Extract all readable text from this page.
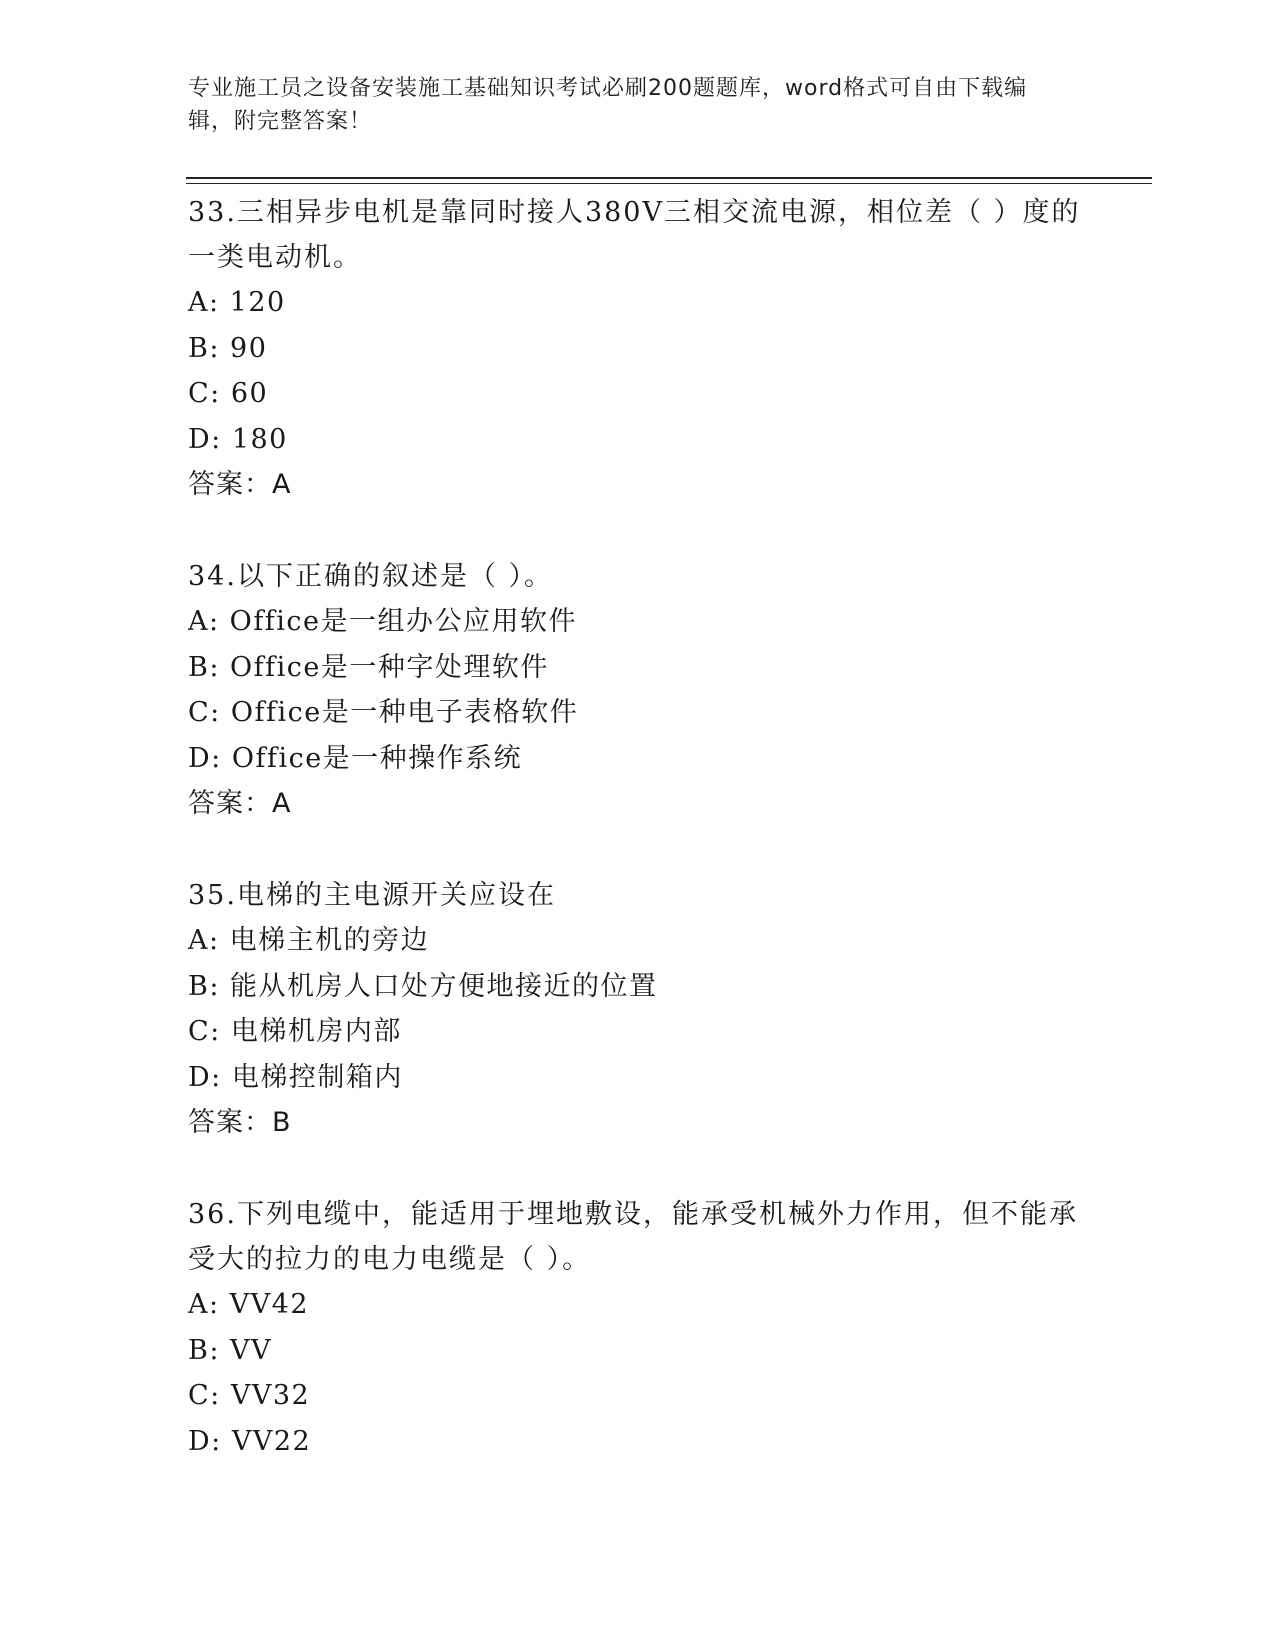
专业施工员之设备安装施工基础知识考试必刷200题题库，word格式可自由下载编辑，附完整答案！
33.三相异步电机是靠同时接人380V三相交流电源，相位差（ ）度的一类电动机。
A: 120
B: 90
C: 60
D: 180
答案：A
34.以下正确的叙述是（ ）。
A: Office是一组办公应用软件
B: Office是一种字处理软件
C: Office是一种电子表格软件
D: Office是一种操作系统
答案：A
35.电梯的主电源开关应设在
A: 电梯主机的旁边
B: 能从机房人口处方便地接近的位置
C: 电梯机房内部
D: 电梯控制箱内
答案：B
36.下列电缆中，能适用于埋地敷设，能承受机械外力作用，但不能承受大的拉力的电力电缆是（ ）。
A: VV42
B: VV
C: VV32
D: VV22
